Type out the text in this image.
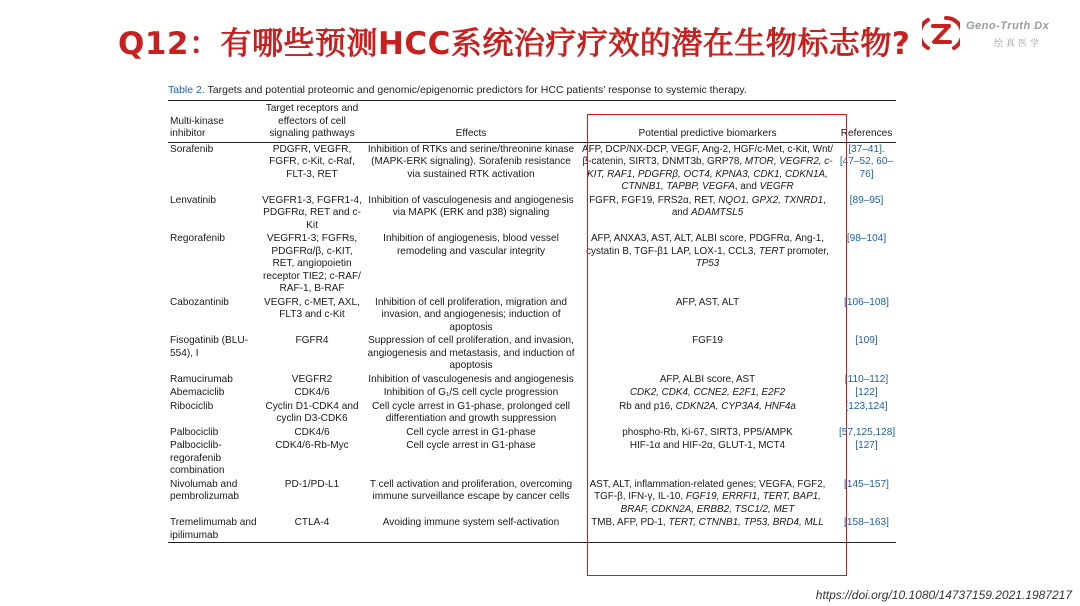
Q12：有哪些预测HCC系统治疗疗效的潜在生物标志物?	Geno-Truth Dx
绘真医学
Table 2. Targets and potential proteomic and genomic/epigenomic predictors for HCC patients’ response to systemic therapy.
Multi-kinase inhibitor	Target receptors and effectors of cell signaling pathways	Effects	Potential predictive biomarkers	References
Sorafenib	PDGFR, VEGFR, FGFR, c-Kit, c-Raf, FLT-3, RET	Inhibition of RTKs and serine/threonine kinase (MAPK-ERK signaling). Sorafenib resistance via sustained RTK activation	AFP, DCP/NX-DCP, VEGF, Ang-2, HGF/c-Met, c-Kit, Wnt/β-catenin, SIRT3, DNMT3b, GRP78, MTOR, VEGFR2, c-KIT, RAF1, PDGFRβ, OCT4, KPNA3, CDK1, CDKN1A, CTNNB1, TAPBP, VEGFA, and VEGFR	[37–41]. [47–52, 60–76]
Lenvatinib	VEGFR1-3, FGFR1-4, PDGFRα, RET and c-Kit	Inhibition of vasculogenesis and angiogenesis via MAPK (ERK and p38) signaling	FGFR, FGF19, FRS2α, RET, NQO1, GPX2, TXNRD1, and ADAMTSL5	[89–95]
Regorafenib	VEGFR1-3; FGFRs, PDGFRα/β, c-KIT, RET, angiopoietin receptor TIE2; c-RAF/ RAF-1, B-RAF	Inhibition of angiogenesis, blood vessel remodeling and vascular integrity	AFP, ANXA3, AST, ALT, ALBI score, PDGFRα, Ang-1, cystatin B, TGF-β1 LAP, LOX-1, CCL3, TERT promoter, TP53	[98–104]
Cabozantinib	VEGFR, c-MET, AXL, FLT3 and c-Kit	Inhibition of cell proliferation, migration and invasion, and angiogenesis; induction of apoptosis	AFP, AST, ALT	[106–108]
Fisogatinib (BLU-554), I	FGFR4	Suppression of cell proliferation, and invasion, angiogenesis and metastasis, and induction of apoptosis	FGF19	[109]
Ramucirumab	VEGFR2	Inhibition of vasculogenesis and angiogenesis	AFP, ALBI score, AST	[110–112]
Abemaciclib	CDK4/6	Inhibition of G₁/S cell cycle progression	CDK2, CDK4, CCNE2, E2F1, E2F2	[122]
Ribociclib	Cyclin D1-CDK4 and cyclin D3-CDK6	Cell cycle arrest in G1-phase, prolonged cell differentiation and growth suppression	Rb and p16, CDKN2A, CYP3A4, HNF4a	[123,124]
Palbociclib	CDK4/6	Cell cycle arrest in G1-phase	phospho-Rb, Ki-67, SIRT3, PP5/AMPK	[57,125,128]
Palbociclib-regorafenib combination	CDK4/6-Rb-Myc	Cell cycle arrest in G1-phase	HIF-1α and HIF-2α, GLUT-1, MCT4	[127]
Nivolumab and pembrolizumab	PD-1/PD-L1	T cell activation and proliferation, overcoming immune surveillance escape by cancer cells	AST, ALT, inflammation-related genes; VEGFA, FGF2, TGF-β, IFN-γ, IL-10, FGF19, ERRFI1, TERT, BAP1, BRAF, CDKN2A, ERBB2, TSC1/2, MET	[145–157]
Tremelimumab and ipilimumab	CTLA-4	Avoiding immune system self-activation	TMB, AFP, PD-1, TERT, CTNNB1, TP53, BRD4, MLL	[158–163]
https://doi.org/10.1080/14737159.2021.1987217
